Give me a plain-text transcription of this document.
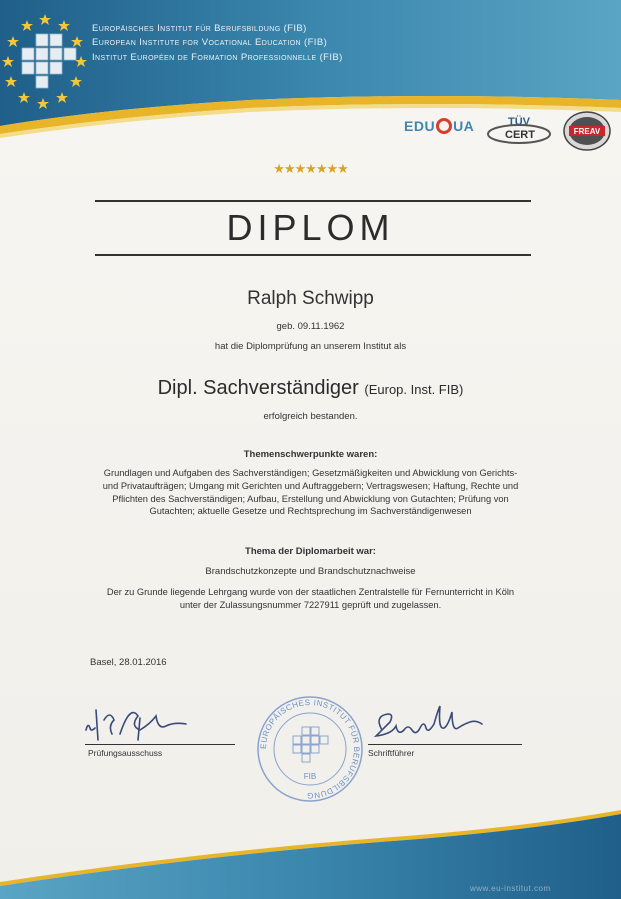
Europäisches Institut für Berufsbildung (FIB)
European Institute for Vocational Education (FIB)
Institut Européen de Formation Professionnelle (FIB)
EDU UA	TÜV
CERT	FREAV
★★★★★★★
DIPLOM
Ralph Schwipp
geb. 09.11.1962
hat die Diplomprüfung an unserem Institut als
Dipl. Sachverständiger (Europ. Inst. FIB)
erfolgreich bestanden.
Themenschwerpunkte waren:
Grundlagen und Aufgaben des Sachverständigen; Gesetzmäßigkeiten und Abwicklung von Gerichts-
und Privataufträgen; Umgang mit Gerichten und Auftraggebern; Vertragswesen; Haftung, Rechte und
Pflichten des Sachverständigen; Aufbau, Erstellung und Abwicklung von Gutachten; Prüfung von
Gutachten; aktuelle Gesetze und Rechtsprechung im Sachverständigenwesen
Thema der Diplomarbeit war:
Brandschutzkonzepte und Brandschutznachweise
Der zu Grunde liegende Lehrgang wurde von der staatlichen Zentralstelle für Fernunterricht in Köln
unter der Zulassungsnummer 7227911 geprüft und zugelassen.
Basel, 28.01.2016
Prüfungsausschuss
EUROPÄISCHES INSTITUT FÜR BERUFSBILDUNG
FIB
Schriftführer
www.eu-institut.com
